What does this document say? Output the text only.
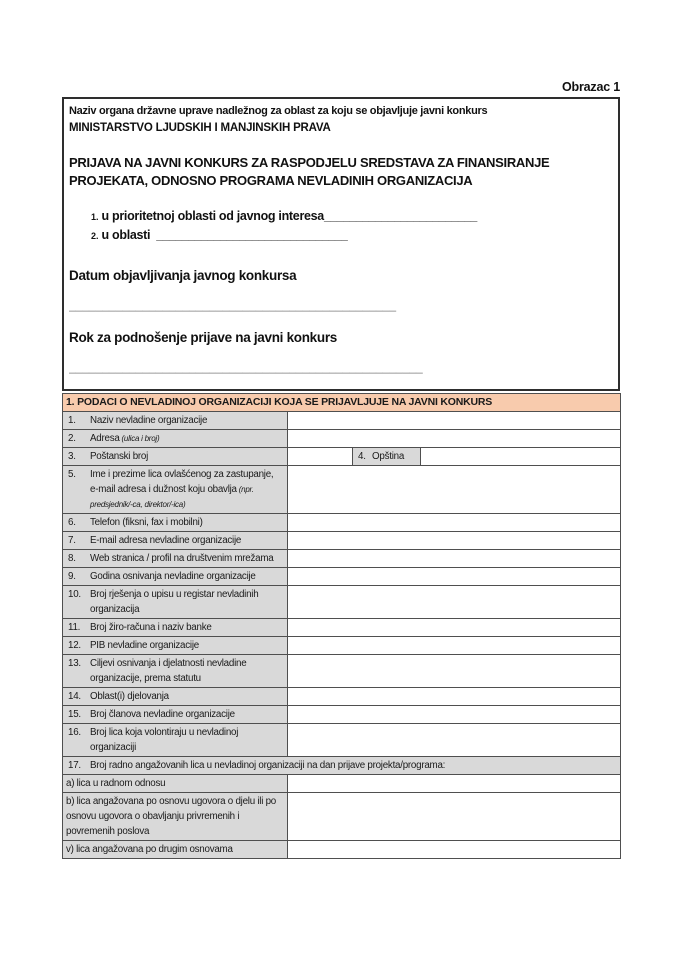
Obrazac 1

Naziv organa državne uprave nadležnog za oblast za koju se objavljuje javni konkurs

MINISTARSTVO LJUDSKIH I MANJINSKIH PRAVA

PRIJAVA NA JAVNI KONKURS ZA RASPODJELU SREDSTAVA ZA FINANSIRANJE PROJEKATA, ODNOSNO PROGRAMA NEVLADINIH ORGANIZACIJA

1. u prioritetnoj oblasti od javnog interesa________________________
2. u oblasti  ______________________________

Datum objavljivanja javnog konkursa

_________________________________________________

Rok za podnošenje prijave na javni konkurs

_____________________________________________________
1. PODACI O NEVLADINOJ ORGANIZACIJI KOJA SE PRIJAVLJUJE NA JAVNI KONKURS			

1. Naziv nevladine organizacije			

2. Adresa (ulica i broj)			

3. Poštanski broj		4. Opština	

5. Ime i prezime lica ovlašćenog za zastupanje, e-mail adresa i dužnost koju obavlja (npr. predsjednik/-ca, direktor/-ica)			

6. Telefon (fiksni, fax i mobilni)			

7. E-mail adresa nevladine organizacije			

8. Web stranica / profil na društvenim mrežama			

9. Godina osnivanja nevladine organizacije			

10. Broj rješenja o upisu u registar nevladinih organizacija			

11. Broj žiro-računa i naziv banke			

12. PIB nevladine organizacije			

13. Ciljevi osnivanja i djelatnosti nevladine organizacije, prema statutu			

14. Oblast(i) djelovanja			

15. Broj članova nevladine organizacije			

16. Broj lica koja volontiraju u nevladinoj organizaciji			

17. Broj radno angažovanih lica u nevladinoj organizaciji na dan prijave projekta/programa:			

a) lica u radnom odnosu			
b) lica angažovana po osnovu ugovora o djelu ili po osnovu ugovora o obavljanju privremenih i povremenih poslova			
v) lica angažovana po drugim osnovama			
